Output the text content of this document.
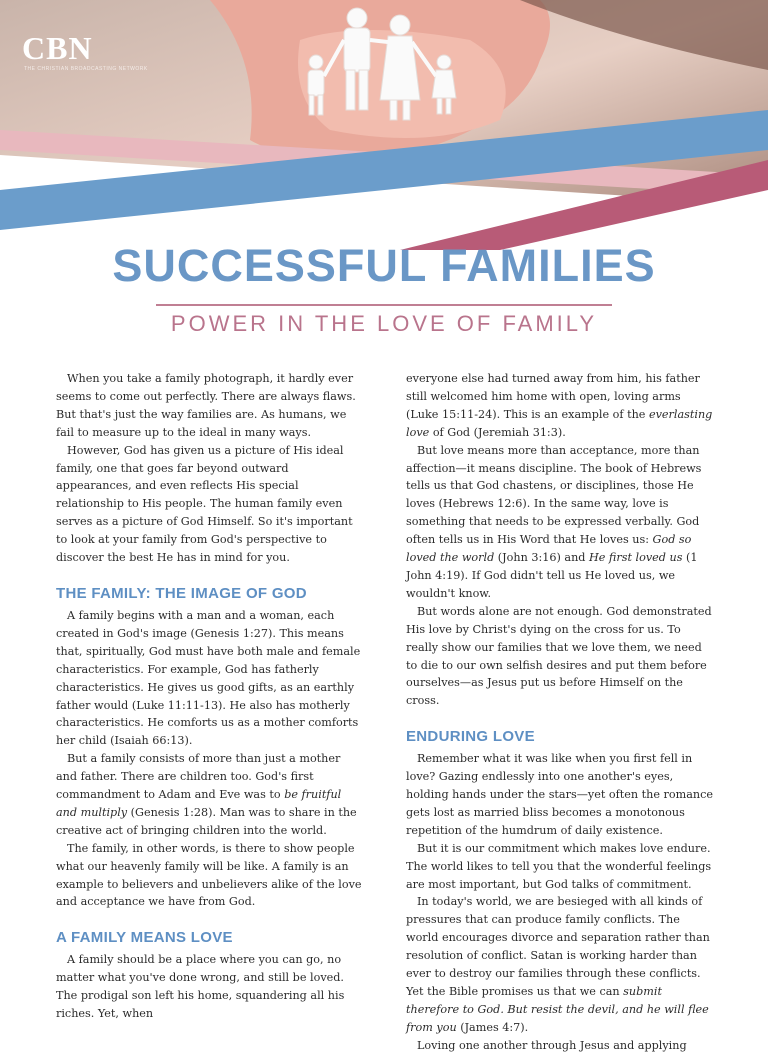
CBN
THE CHRISTIAN BROADCASTING NETWORK
SUCCESSFUL FAMILIES
POWER IN THE LOVE OF FAMILY

When you take a family photograph, it hardly ever seems to come out perfectly. There are always flaws. But that's just the way families are. As humans, we fail to measure up to the ideal in many ways.

However, God has given us a picture of His ideal family, one that goes far beyond outward appearances, and even reflects His special relationship to His people. The human family even serves as a picture of God Himself. So it's important to look at your family from God's perspective to discover the best He has in mind for you.

THE FAMILY: THE IMAGE OF GOD

A family begins with a man and a woman, each created in God's image (Genesis 1:27). This means that, spiritually, God must have both male and female characteristics. For example, God has fatherly characteristics. He gives us good gifts, as an earthly father would (Luke 11:11-13). He also has motherly characteristics. He comforts us as a mother comforts her child (Isaiah 66:13).

But a family consists of more than just a mother and father. There are children too. God's first commandment to Adam and Eve was to be fruitful and multiply (Genesis 1:28). Man was to share in the creative act of bringing children into the world.

The family, in other words, is there to show people what our heavenly family will be like. A family is an example to believers and unbelievers alike of the love and acceptance we have from God.

A FAMILY MEANS LOVE

A family should be a place where you can go, no matter what you've done wrong, and still be loved. The prodigal son left his home, squandering all his riches. Yet, when

everyone else had turned away from him, his father still welcomed him home with open, loving arms (Luke 15:11-24). This is an example of the everlasting love of God (Jeremiah 31:3).

But love means more than acceptance, more than affection—it means discipline. The book of Hebrews tells us that God chastens, or disciplines, those He loves (Hebrews 12:6). In the same way, love is something that needs to be expressed verbally. God often tells us in His Word that He loves us: God so loved the world (John 3:16) and He first loved us (1 John 4:19). If God didn't tell us He loved us, we wouldn't know.

But words alone are not enough. God demonstrated His love by Christ's dying on the cross for us. To really show our families that we love them, we need to die to our own selfish desires and put them before ourselves—as Jesus put us before Himself on the cross.

ENDURING LOVE

Remember what it was like when you first fell in love? Gazing endlessly into one another's eyes, holding hands under the stars—yet often the romance gets lost as married bliss becomes a monotonous repetition of the humdrum of daily existence.

But it is our commitment which makes love endure. The world likes to tell you that the wonderful feelings are most important, but God talks of commitment.

In today's world, we are besieged with all kinds of pressures that can produce family conflicts. The world encourages divorce and separation rather than resolution of conflict. Satan is working harder than ever to destroy our families through these conflicts. Yet the Bible promises us that we can submit therefore to God. But resist the devil, and he will flee from you (James 4:7).

Loving one another through Jesus and applying
